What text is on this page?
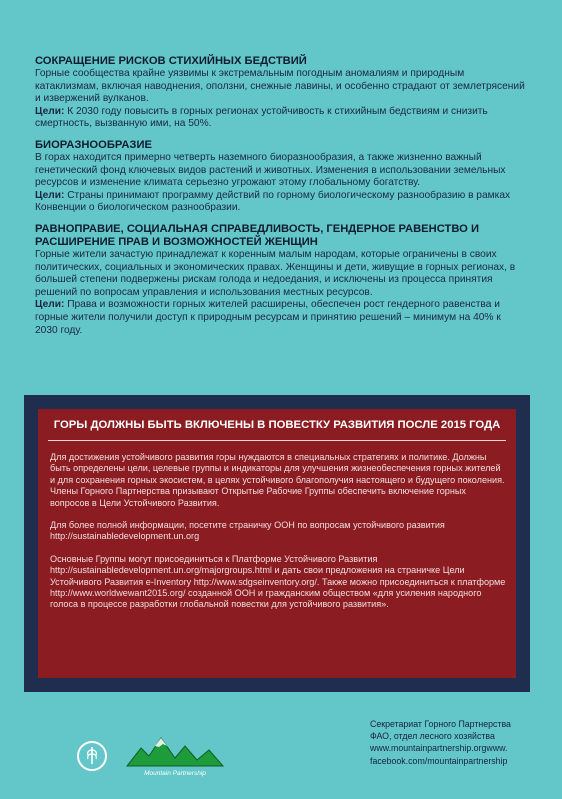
СОКРАЩЕНИЕ РИСКОВ СТИХИЙНЫХ БЕДСТВИЙ

Горные сообщества крайне уязвимы к экстремальным погодным аномалиям и природным катаклизмам, включая наводнения, оползни, снежные лавины, и особенно страдают от землетрясений и извержений вулканов.

Цели: К 2030 году повысить в горных регионах устойчивость к стихийным бедствиям и снизить смертность, вызванную ими, на 50%.

БИОРАЗНООБРАЗИЕ

В горах находится примерно четверть наземного биоразнообразия, а также жизненно важный генетический фонд ключевых видов растений и животных. Изменения в использовании земельных ресурсов и изменение климата серьезно угрожают этому глобальному богатству.

Цели: Страны принимают программу действий по горному биологическому разнообразию в рамках Конвенции о биологическом разнообразии.

РАВНОПРАВИЕ, СОЦИАЛЬНАЯ СПРАВЕДЛИВОСТЬ, ГЕНДЕРНОЕ РАВЕНСТВО И РАСШИРЕНИЕ ПРАВ И ВОЗМОЖНОСТЕЙ ЖЕНЩИН

Горные жители зачастую принадлежат к коренным малым народам, которые ограничены в своих политических, социальных и экономических правах. Женщины и дети, живущие в горных регионах, в большей степени подвержены рискам голода и недоедания, и исключены из процесса принятия решений по вопросам управления и использования местных ресурсов.

Цели: Права и возможности горных жителей расширены, обеспечен рост гендерного равенства и горные жители получили доступ к природным ресурсам и принятию решений – минимум на 40% к 2030 году.

ГОРЫ ДОЛЖНЫ БЫТЬ ВКЛЮЧЕНЫ В ПОВЕСТКУ РАЗВИТИЯ ПОСЛЕ 2015 ГОДА

Для достижения устойчивого развития горы нуждаются в специальных стратегиях и политике. Должны быть определены цели, целевые группы и индикаторы для улучшения жизнеобеспечения горных жителей и для сохранения горных экосистем, в целях устойчивого благополучия настоящего и будущего поколения.

Члены Горного Партнерства призывают Открытые Рабочие Группы обеспечить включение горных вопросов в Цели Устойчивого Развития.

Для более полной информации, посетите страничку ООН по вопросам устойчивого развития http://sustainabledevelopment.un.org

Основные Группы могут присоединиться к Платформе Устойчивого Развития http://sustainabledevelopment.un.org/majorgroups.html и дать свои предложения на страничке Цели Устойчивого Развития e-Inventory http://www.sdgseinventory.org/. Также можно присоединиться к платформе http://www.worldwewant2015.org/ созданной ООН и гражданским обществом «для усиления народного голоса в процессе разработки глобальной повестки для устойчивого развития».

Mountain Partnership
Секретариат Горного Партнерства
ФАО, отдел лесного хозяйства
www.mountainpartnership.orgwww.
facebook.com/mountainpartnership
